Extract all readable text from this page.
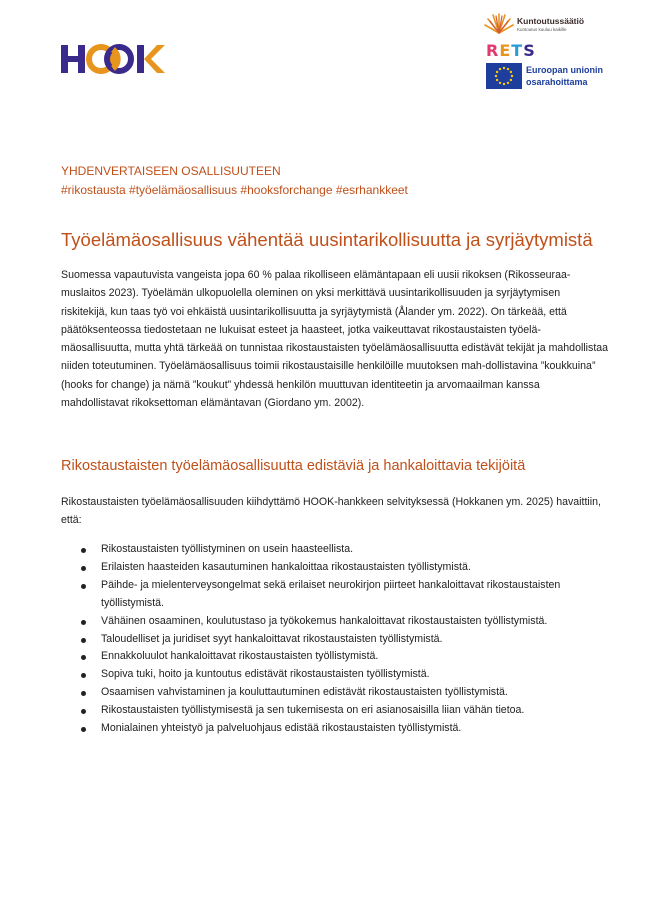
Kuntoutussäätiö
Kuntoutus kuuluu kaikille
RETS
Euroopan unionin
osarahoittama
YHDENVERTAISEEN OSALLISUUTEEN
#rikostausta #työelämäosallisuus #hooksforchange #esrhankkeet
Työelämäosallisuus vähentää uusintarikollisuutta ja syrjäytymistä

Suomessa vapautuvista vangeista jopa 60 % palaa rikolliseen elämäntapaan eli uusii rikoksen (Rikosseuraa-muslaitos 2023). Työelämän ulkopuolella oleminen on yksi merkittävä uusintarikollisuuden ja syrjäytymisen riskitekijä, kun taas työ voi ehkäistä uusintarikollisuutta ja syrjäytymistä (Ålander ym. 2022). On tärkeää, että päätöksenteossa tiedostetaan ne lukuisat esteet ja haasteet, jotka vaikeuttavat rikostaustaisten työelä-mäosallisuutta, mutta yhtä tärkeää on tunnistaa rikostaustaisten työelämäosallisuutta edistävät tekijät ja mahdollistaa niiden toteutuminen. Työelämäosallisuus toimii rikostaustaisille henkilöille muutoksen mah-dollistavina ”koukkuina” (hooks for change) ja nämä ”koukut” yhdessä henkilön muuttuvan identiteetin ja arvomaailman kanssa mahdollistavat rikoksettoman elämäntavan (Giordano ym. 2002).

Rikostaustaisten työelämäosallisuutta edistäviä ja hankaloittavia tekijöitä

Rikostaustaisten työelämäosallisuuden kiihdyttämö HOOK-hankkeen selvityksessä (Hokkanen ym. 2025) havaittiin, että:

Rikostaustaisten työllistyminen on usein haasteellista.
Erilaisten haasteiden kasautuminen hankaloittaa rikostaustaisten työllistymistä.
Päihde- ja mielenterveysongelmat sekä erilaiset neurokirjon piirteet hankaloittavat rikostaustaisten työllistymistä.
Vähäinen osaaminen, koulutustaso ja työkokemus hankaloittavat rikostaustaisten työllistymistä.
Taloudelliset ja juridiset syyt hankaloittavat rikostaustaisten työllistymistä.
Ennakkoluulot hankaloittavat rikostaustaisten työllistymistä.
Sopiva tuki, hoito ja kuntoutus edistävät rikostaustaisten työllistymistä.
Osaamisen vahvistaminen ja kouluttautuminen edistävät rikostaustaisten työllistymistä.
Rikostaustaisten työllistymisestä ja sen tukemisesta on eri asianosaisilla liian vähän tietoa.
Monialainen yhteistyö ja palveluohjaus edistää rikostaustaisten työllistymistä.
